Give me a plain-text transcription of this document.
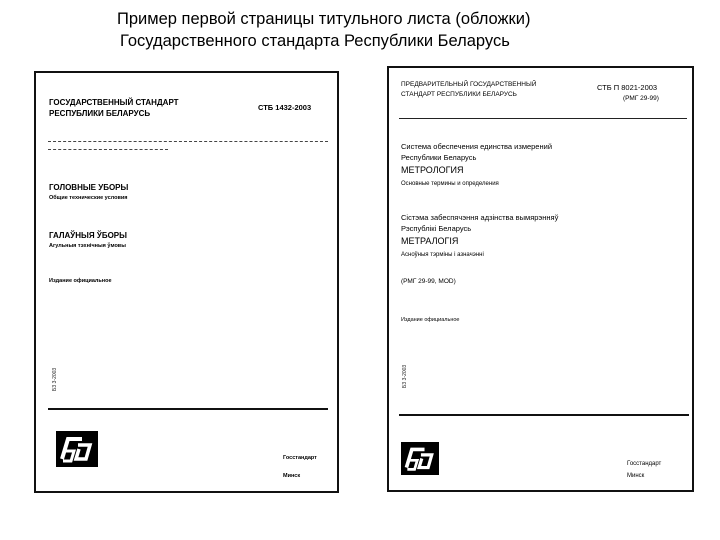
Пример первой страницы титульного листа (обложки)
Государственного стандарта Республики Беларусь
ГОСУДАРСТВЕННЫЙ СТАНДАРТ
РЕСПУБЛИКИ БЕЛАРУСЬ
СТБ 1432-2003
ГОЛОВНЫЕ УБОРЫ
Общие технические условия
ГАЛАЎНЫЯ ЎБОРЫ
Агульныя тэхнічныя ўмовы
Издание официальное
БЗ 3-2003
Госстандарт
Минск
ПРЕДВАРИТЕЛЬНЫЙ ГОСУДАРСТВЕННЫЙ
СТАНДАРТ РЕСПУБЛИКИ БЕЛАРУСЬ
СТБ П 8021-2003
(РМГ 29-99)
Система обеспечения единства измерений
Республики Беларусь
МЕТРОЛОГИЯ
Основные термины и определения
Сістэма забеспячэння адзінства вымярэнняў
Рэспублікі Беларусь
МЕТРАЛОГІЯ
Асноўныя тэрміны і азначэнні
(РМГ 29-99, MOD)
Издание официальное
БЗ 3-2003
Госстандарт
Минск
